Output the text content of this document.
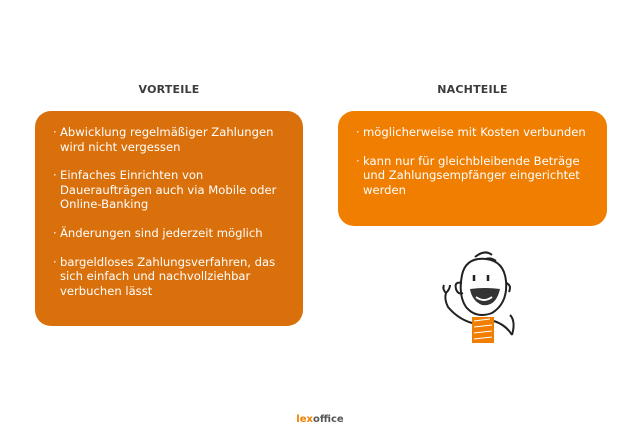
VORTEILE
· Abwicklung regelmäßiger Zahlungen wird nicht vergessen
· Einfaches Einrichten von Daueraufträgen auch via Mobile oder Online-Banking
· Änderungen sind jederzeit möglich
· bargeldloses Zahlungsverfahren, das sich einfach und nachvollziehbar verbuchen lässt
NACHTEILE
· möglicherweise mit Kosten verbunden
· kann nur für gleichbleibende Beträge und Zahlungsempfänger eingerichtet werden
lexoffice
